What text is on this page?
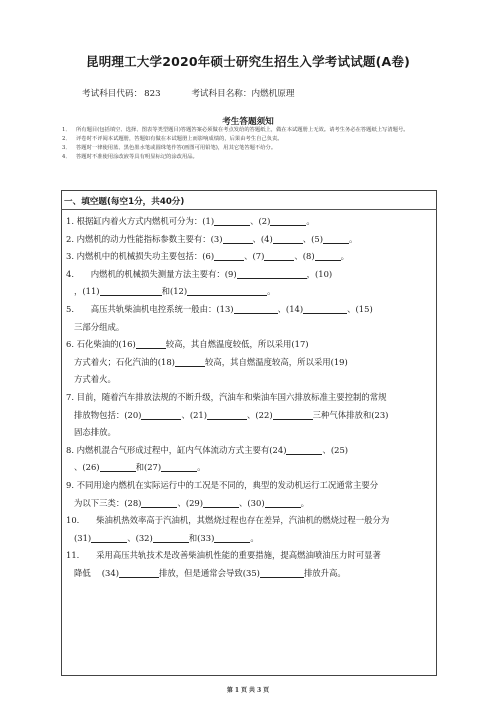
昆明理工大学2020年硕士研究生招生入学考试试题(A卷)
考试科目代码： 823	考试科目名称：内燃机原理
考生答题须知
1． 所有题目(包括填空、选择、图表等类型题目)答题答案必须做在考点发给的答题纸上，做在本试题册上无效。请考生务必在答题纸上写清题号。
2． 评卷时不评阅本试题册，答题如有做在本试题册上而影响成绩的，后果由考生自己负责。
3． 答题时一律使用蓝、黑色墨水笔或圆珠笔作答(画图可用铅笔)，用其它笔答题不给分。
4． 答题时不准使用涂改液等具有明显标记的涂改用品。
一、填空题(每空1分，共40分)

1. 根据缸内着火方式内燃机可分为：(1)	、(2)	。

2. 内燃机的动力性能指标参数主要有：(3)	、(4)	、(5)	。

3. 内燃机中的机械损失功主要包括：(6)	、(7)	、(8)	。

4.　　内燃机的机械损失测量方法主要有：(9)	，(10)

，(11)	和(12)	。

5.　　高压共轨柴油机电控系统一般由：(13)	、(14)	、(15)

三部分组成。

6. 石化柴油的(16)	较高，其自燃温度较低，所以采用(17)

方式着火；石化汽油的(18)	较高，其自燃温度较高，所以采用(19)

方式着火。

7. 目前，随着汽车排放法规的不断升级，汽油车和柴油车国六排放标准主要控制的常规

排放物包括：(20)	、(21)	、(22)	三种气体排放和(23)

固态排放。

8. 内燃机混合气形成过程中，缸内气体流动方式主要有(24)	、(25)

、(26)	和(27)	。

9. 不同用途内燃机在实际运行中的工况是不同的，典型的发动机运行工况通常主要分

为以下三类：(28)	、(29)	、(30)	。

10.　　柴油机热效率高于汽油机，其燃烧过程也存在差异，汽油机的燃烧过程一般分为

(31)	、(32)	和(33)	。

11.　　采用高压共轨技术是改善柴油机性能的重要措施，提高燃油喷油压力时可显著

降低　 (34)	排放，但是通常会导致(35)	排放升高。

第 1 页 共 3 页
